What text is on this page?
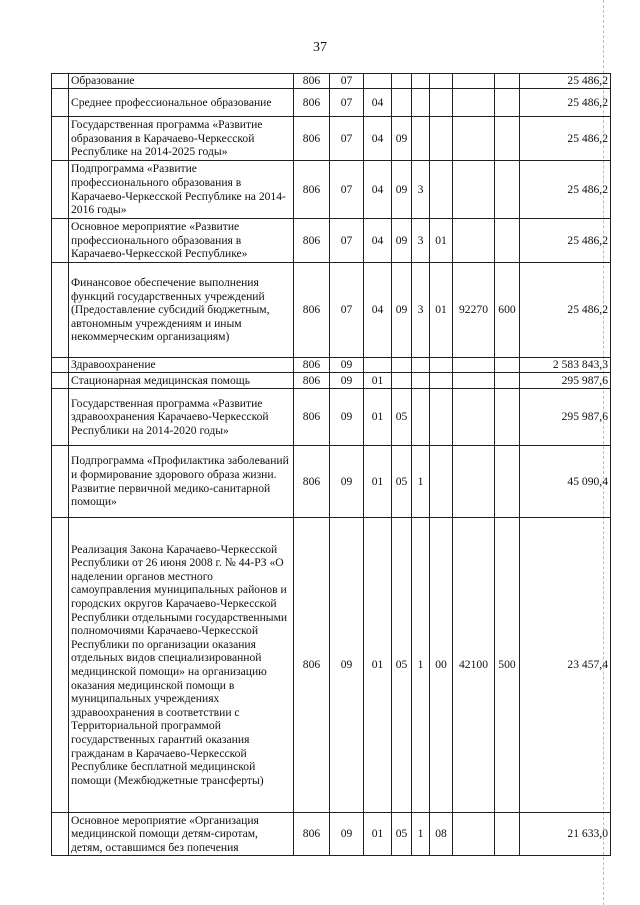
37
	Образование	806	07							25 486,2
	Среднее профессиональное образование	806	07	04						25 486,2
	Государственная программа «Развитие образования в Карачаево-Черкесской Республике на 2014-2025 годы»	806	07	04	09					25 486,2
	Подпрограмма «Развитие профессионального образования в Карачаево-Черкесской Республике на 2014-2016 годы»	806	07	04	09	3				25 486,2
	Основное мероприятие «Развитие профессионального образования в Карачаево-Черкесской Республике»	806	07	04	09	3	01			25 486,2
	Финансовое обеспечение выполнения функций государственных учреждений (Предоставление субсидий бюджетным, автономным учреждениям и иным некоммерческим организациям)	806	07	04	09	3	01	92270	600	25 486,2
	Здравоохранение	806	09							2 583 843,3
	Стационарная медицинская помощь	806	09	01						295 987,6
	Государственная программа «Развитие здравоохранения Карачаево-Черкесской Республики на 2014-2020 годы»	806	09	01	05					295 987,6
	Подпрограмма «Профилактика заболеваний и формирование здорового образа жизни. Развитие первичной медико-санитарной помощи»	806	09	01	05	1				45 090,4
	Реализация Закона Карачаево-Черкесской Республики от 26 июня 2008 г. № 44-РЗ «О наделении органов местного самоуправления муниципальных районов и городских округов Карачаево-Черкесской Республики отдельными государственными полномочиями Карачаево-Черкесской Республики по организации оказания отдельных видов специализированной медицинской помощи» на организацию оказания медицинской помощи в муниципальных учреждениях здравоохранения в соответствии с Территориальной программой государственных гарантий оказания гражданам в Карачаево-Черкесской Республике бесплатной медицинской помощи (Межбюджетные трансферты)	806	09	01	05	1	00	42100	500	23 457,4
	Основное мероприятие «Организация медицинской помощи детям-сиротам, детям, оставшимся без попечения	806	09	01	05	1	08			21 633,0
